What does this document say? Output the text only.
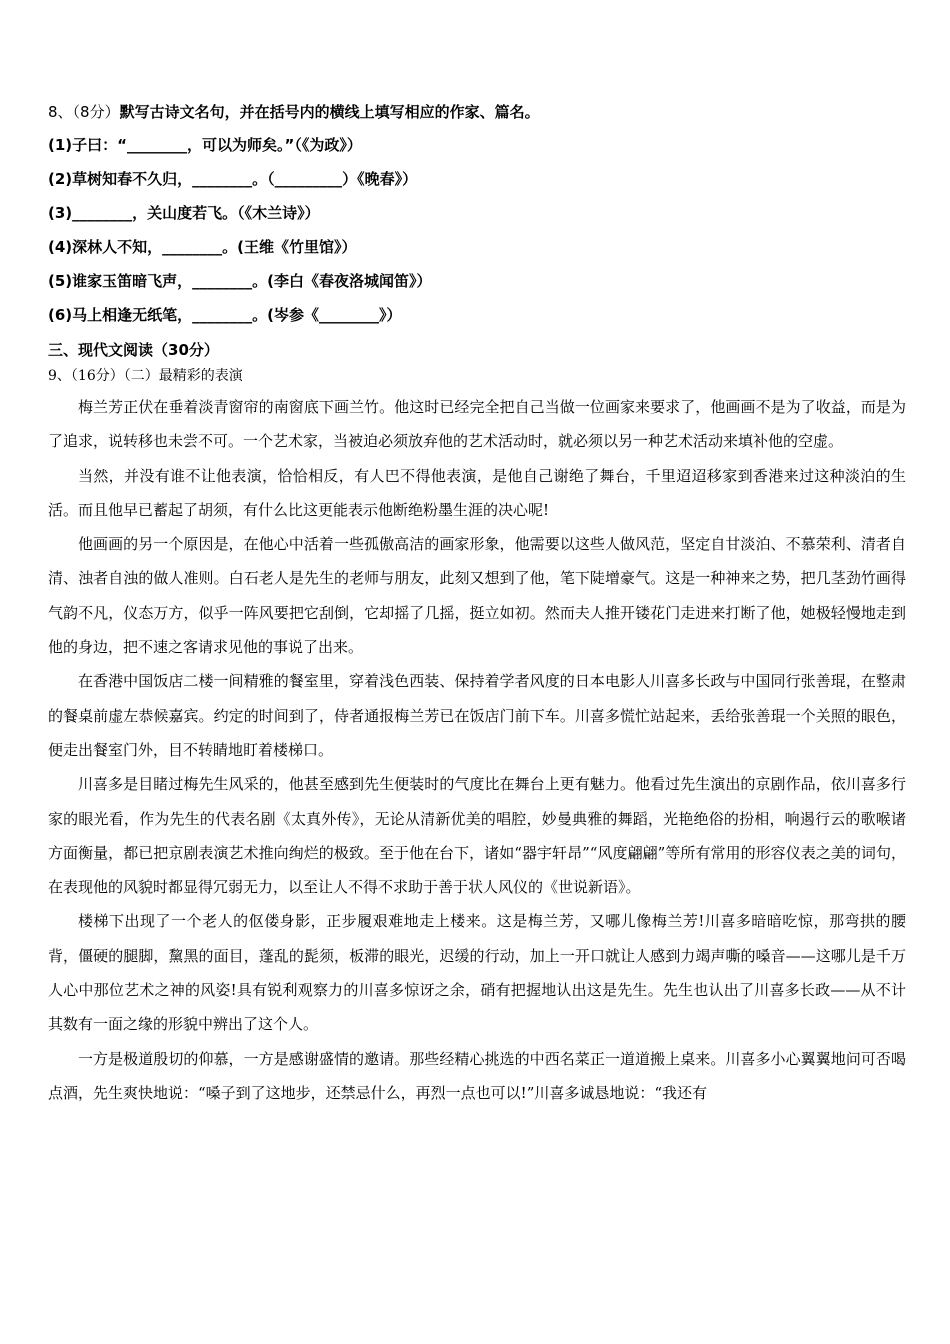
8、（8分）默写古诗文名句，并在括号内的横线上填写相应的作家、篇名。
(1)子曰：“________，可以为师矣。”（《为政》）
(2)草树知春不久归，________。（_________）《晚春》）
(3)________，关山度若飞。（《木兰诗》）
(4)深林人不知，________。(王维《竹里馆》）
(5)谁家玉笛暗飞声，________。(李白《春夜洛城闻笛》）
(6)马上相逢无纸笔，________。(岑参《________》）
三、现代文阅读（30分）
9、（16分）（二）最精彩的表演

梅兰芳正伏在垂着淡青窗帘的南窗底下画兰竹。他这时已经完全把自己当做一位画家来要求了，他画画不是为了收益，而是为了追求，说转移也未尝不可。一个艺术家，当被迫必须放弃他的艺术活动时，就必须以另一种艺术活动来填补他的空虚。

当然，并没有谁不让他表演，恰恰相反，有人巴不得他表演，是他自己谢绝了舞台，千里迢迢移家到香港来过这种淡泊的生活。而且他早已蓄起了胡须，有什么比这更能表示他断绝粉墨生涯的决心呢!

他画画的另一个原因是，在他心中活着一些孤傲高洁的画家形象，他需要以这些人做风范，坚定自甘淡泊、不慕荣利、清者自清、浊者自浊的做人准则。白石老人是先生的老师与朋友，此刻又想到了他，笔下陡增豪气。这是一种神来之势，把几茎劲竹画得气韵不凡，仪态万方，似乎一阵风要把它刮倒，它却摇了几摇，挺立如初。然而夫人推开镂花门走进来打断了他，她极轻慢地走到他的身边，把不速之客请求见他的事说了出来。

在香港中国饭店二楼一间精雅的餐室里，穿着浅色西装、保持着学者风度的日本电影人川喜多长政与中国同行张善琨，在整肃的餐桌前虚左恭候嘉宾。约定的时间到了，侍者通报梅兰芳已在饭店门前下车。川喜多慌忙站起来，丢给张善琨一个关照的眼色，便走出餐室门外，目不转睛地盯着楼梯口。

川喜多是目睹过梅先生风采的，他甚至感到先生便装时的气度比在舞台上更有魅力。他看过先生演出的京剧作品，依川喜多行家的眼光看，作为先生的代表名剧《太真外传》，无论从清新优美的唱腔，妙曼典雅的舞蹈，光艳绝俗的扮相，响遏行云的歌喉诸方面衡量，都已把京剧表演艺术推向绚烂的极致。至于他在台下，诸如“器宇轩昂”“风度翩翩”等所有常用的形容仪表之美的词句，在表现他的风貌时都显得冗弱无力，以至让人不得不求助于善于状人风仪的《世说新语》。

楼梯下出现了一个老人的伛偻身影，正步履艰难地走上楼来。这是梅兰芳，又哪儿像梅兰芳!川喜多暗暗吃惊，那弯拱的腰背，僵硬的腿脚，黧黑的面目，蓬乱的髭须，板滞的眼光，迟缓的行动，加上一开口就让人感到力竭声嘶的嗓音——这哪儿是千万人心中那位艺术之神的风姿!具有锐利观察力的川喜多惊讶之余，硝有把握地认出这是先生。先生也认出了川喜多长政——从不计其数有一面之缘的形貌中辨出了这个人。

一方是极道殷切的仰慕，一方是感谢盛情的邀请。那些经精心挑选的中西名菜正一道道搬上桌来。川喜多小心翼翼地问可否喝点酒，先生爽快地说：“嗓子到了这地步，还禁忌什么，再烈一点也可以!”川喜多诚恳地说：“我还有
